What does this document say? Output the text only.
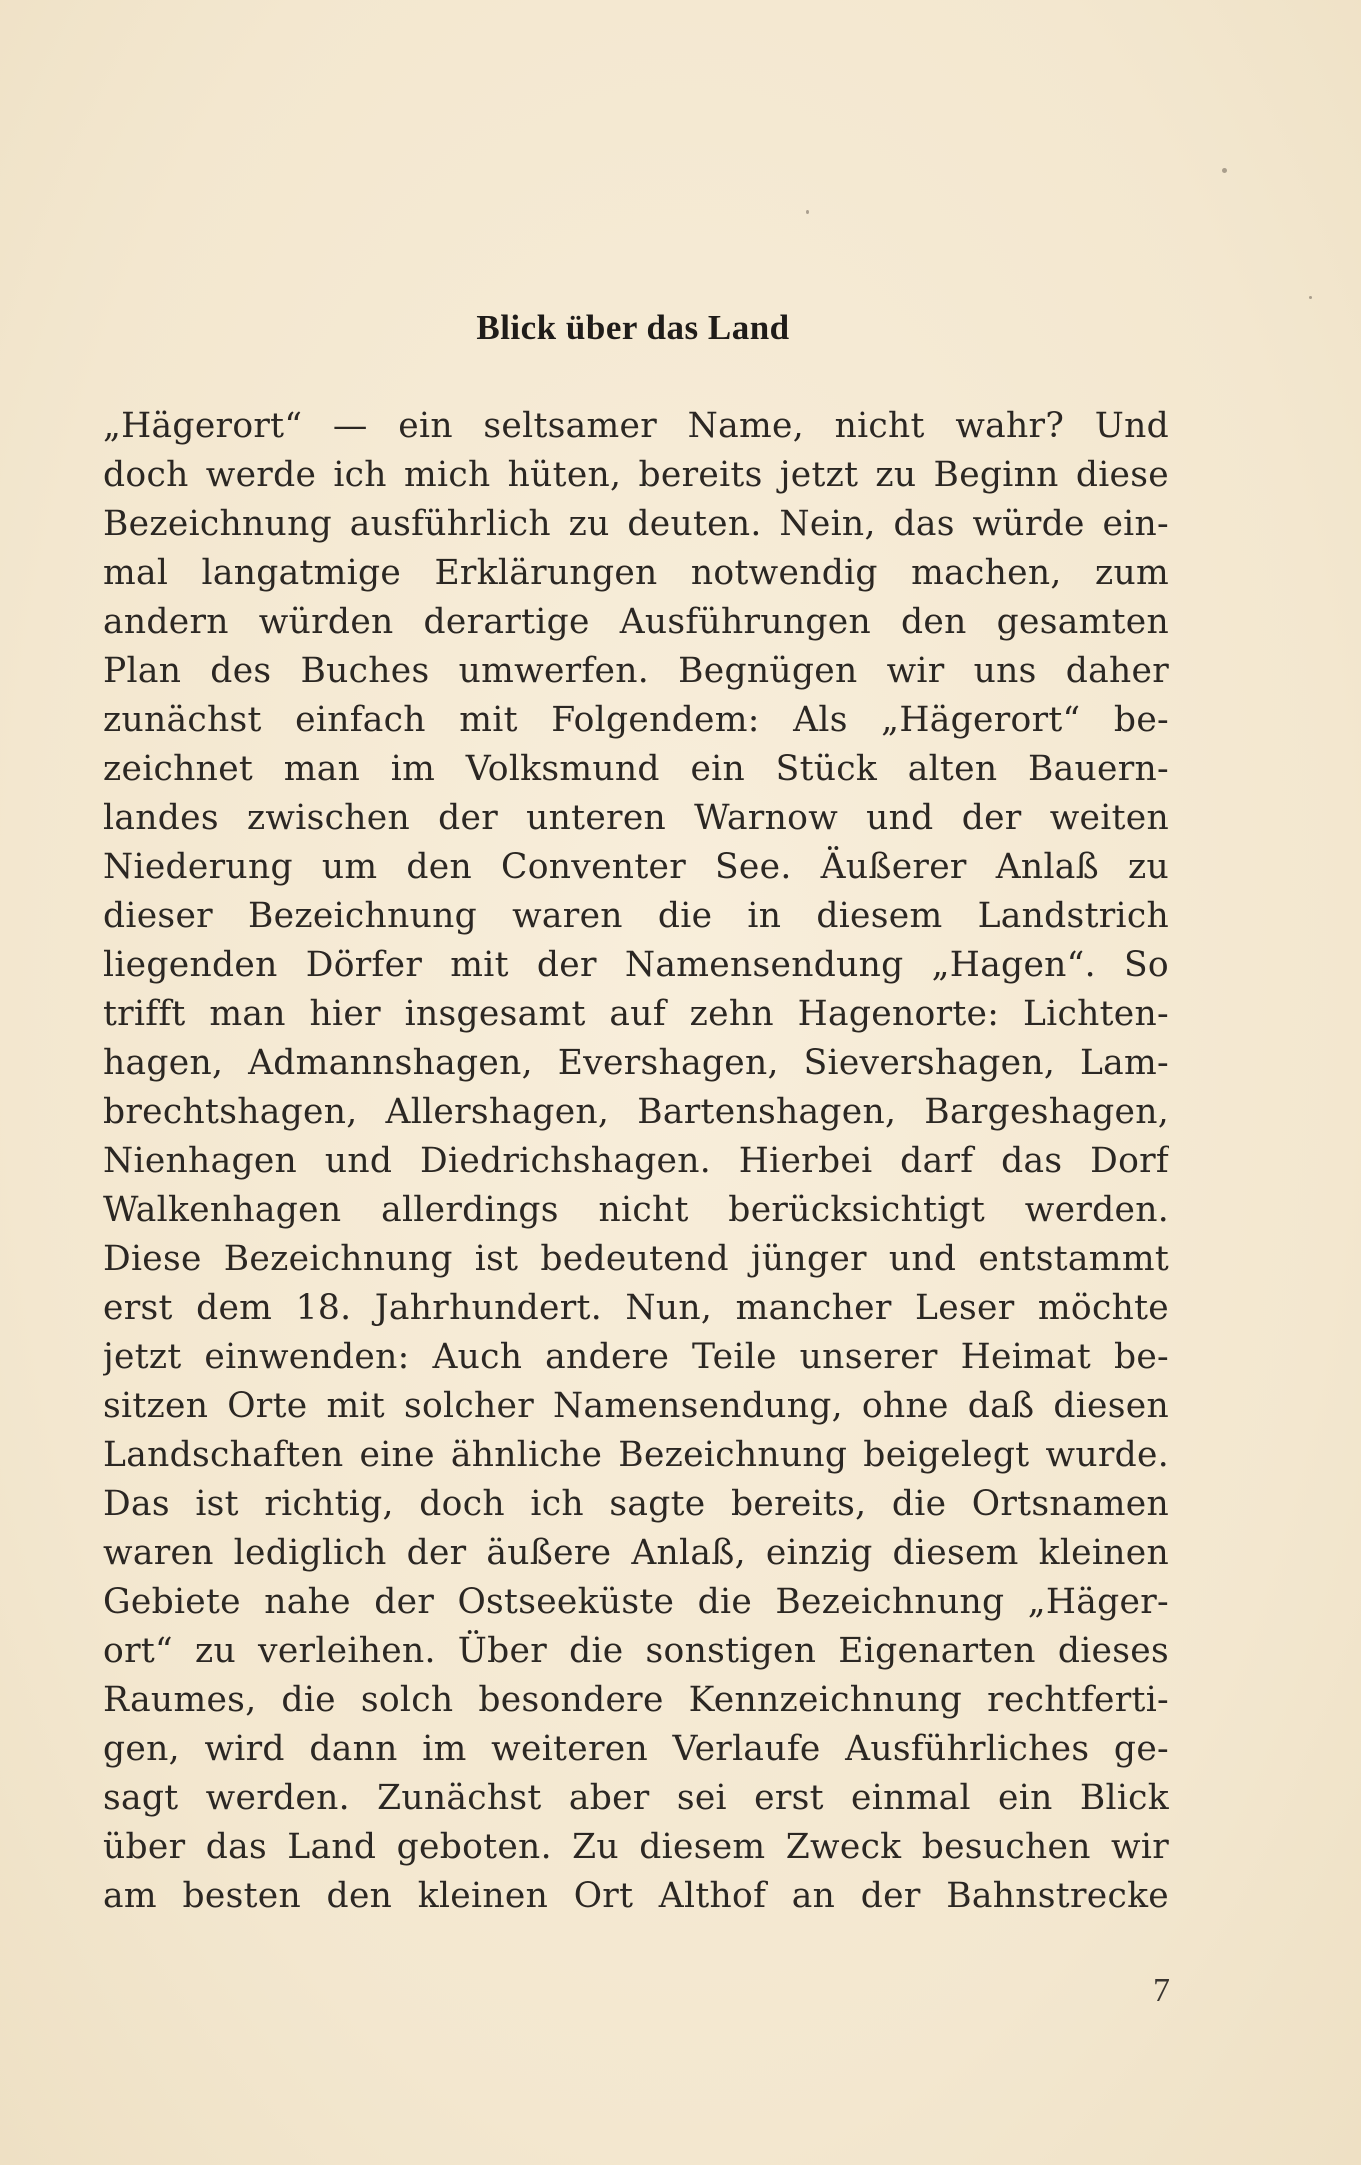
Blick über das Land
„Hägerort“ — ein seltsamer Name, nicht wahr? Und
doch werde ich mich hüten, bereits jetzt zu Beginn diese
Bezeichnung ausführlich zu deuten. Nein, das würde ein-
mal langatmige Erklärungen notwendig machen, zum
andern würden derartige Ausführungen den gesamten
Plan des Buches umwerfen. Begnügen wir uns daher
zunächst einfach mit Folgendem: Als „Hägerort“ be-
zeichnet man im Volksmund ein Stück alten Bauern-
landes zwischen der unteren Warnow und der weiten
Niederung um den Conventer See. Äußerer Anlaß zu
dieser Bezeichnung waren die in diesem Landstrich
liegenden Dörfer mit der Namensendung „Hagen“. So
trifft man hier insgesamt auf zehn Hagenorte: Lichten-
hagen, Admannshagen, Evershagen, Sievershagen, Lam-
brechtshagen, Allershagen, Bartenshagen, Bargeshagen,
Nienhagen und Diedrichshagen. Hierbei darf das Dorf
Walkenhagen allerdings nicht berücksichtigt werden.
Diese Bezeichnung ist bedeutend jünger und entstammt
erst dem 18. Jahrhundert. Nun, mancher Leser möchte
jetzt einwenden: Auch andere Teile unserer Heimat be-
sitzen Orte mit solcher Namensendung, ohne daß diesen
Landschaften eine ähnliche Bezeichnung beigelegt wurde.
Das ist richtig, doch ich sagte bereits, die Ortsnamen
waren lediglich der äußere Anlaß, einzig diesem kleinen
Gebiete nahe der Ostseeküste die Bezeichnung „Häger-
ort“ zu verleihen. Über die sonstigen Eigenarten dieses
Raumes, die solch besondere Kennzeichnung rechtferti-
gen, wird dann im weiteren Verlaufe Ausführliches ge-
sagt werden. Zunächst aber sei erst einmal ein Blick
über das Land geboten. Zu diesem Zweck besuchen wir
am besten den kleinen Ort Althof an der Bahnstrecke
7
